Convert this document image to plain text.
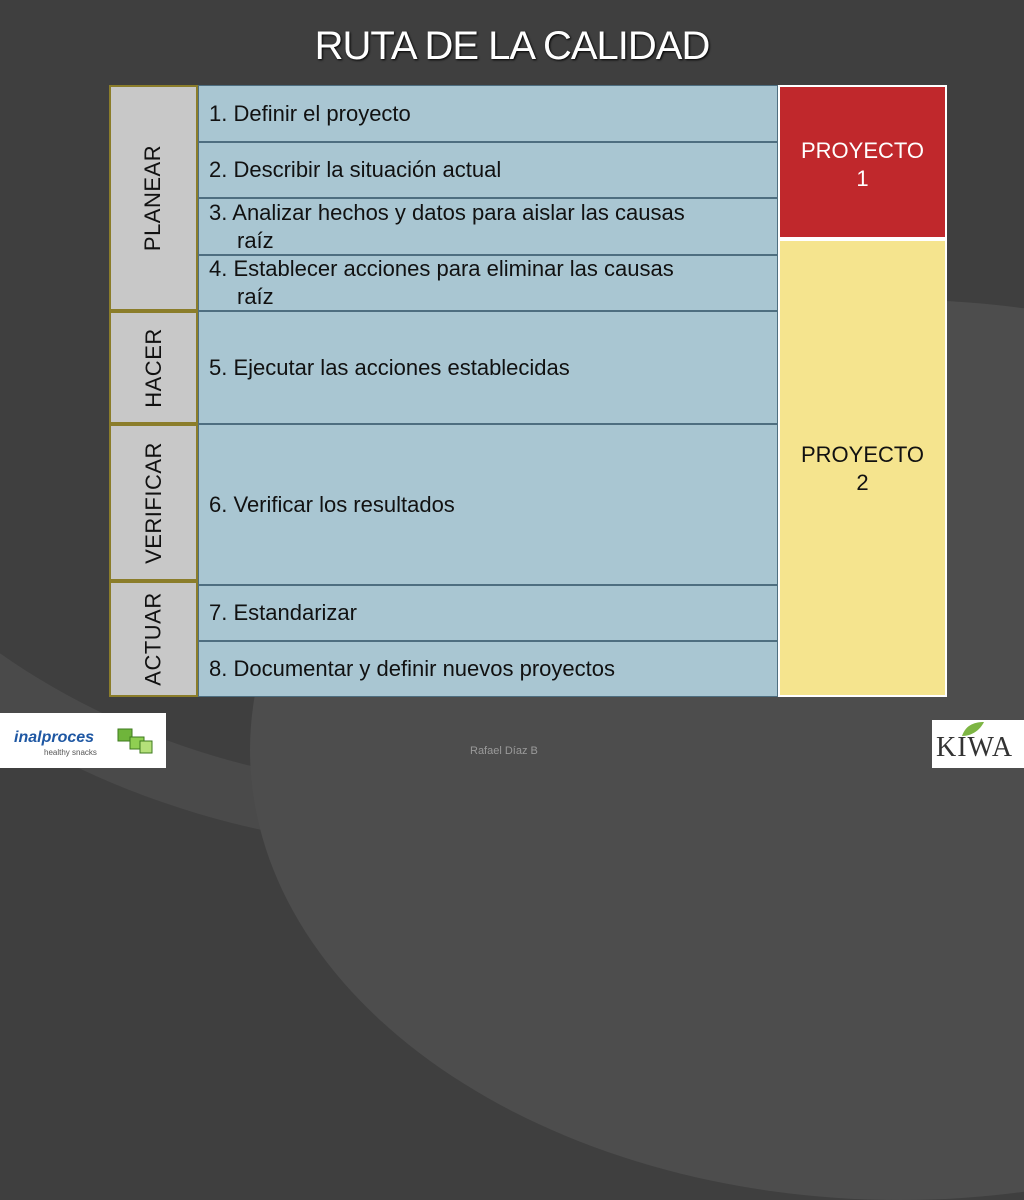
RUTA DE LA CALIDAD
PLANEAR
HACER
VERIFICAR
ACTUAR
1. Definir el proyecto
2. Describir la situación actual
3. Analizar hechos y datos para aislar las causas
raíz
4. Establecer acciones para eliminar las causas
raíz
5. Ejecutar las acciones establecidas
6. Verificar los resultados
7. Estandarizar
8. Documentar y definir nuevos proyectos
PROYECTO
1
PROYECTO
2
inalproces
healthy snacks	Rafael Díaz B	KIWA
